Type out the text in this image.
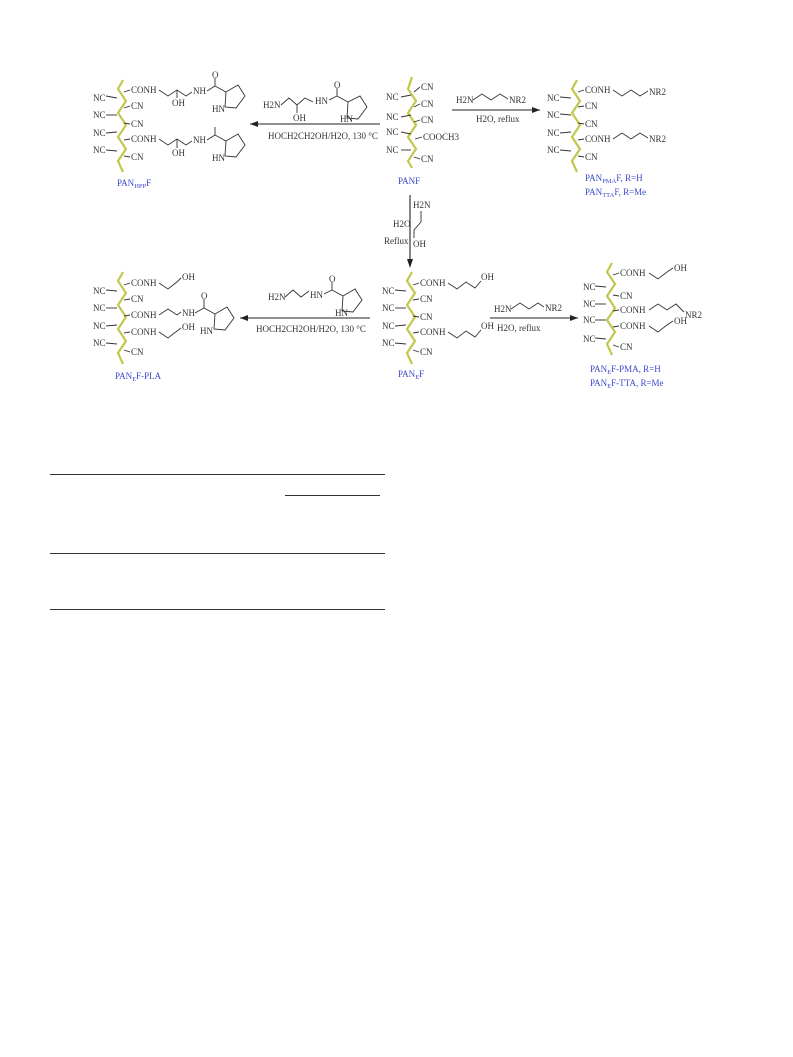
NC
CN
CN
NC CN
NC	COOCH3
NC
CN
PANF
CONH
OH
NH
O
HN
NC
CN
NC
CN
NC
CONH
OH
NH
HN
NC
CN
$PAN_{HPP}F$
H2N
OH
HN
O
HN
HOCH2CH2OH/H2O, 130 °C
H2N	NR2
H2O, reflux
CONH	NR2
NC
CN
NC
CN
NC
CONH	NR2
NC
CN
$PAN_{PMA}F$, R=H
$PAN_{TTA}F$, R=Me
H2O
Reflux
H2N
OH
CONH
OH
NC
CN
NC
CN
NC
CONH
OH
NC
CN
$PAN_EF$
H2N	HN
O
HN
HOCH2CH2OH/H2O, 130 °C
CONH
OH
NC
CN
NC
CONH	NH
O
HN
NC
CONH	OH
NC
CN
$PAN_EF$-PLA
H2N	NR2
H2O, reflux
CONH	OH
NC
CN
NC
CONH	NR2
NC
CONH	OH
NC
CN
$PAN_EF$-PMA, R=H
$PAN_EF$-TTA, R=Me
